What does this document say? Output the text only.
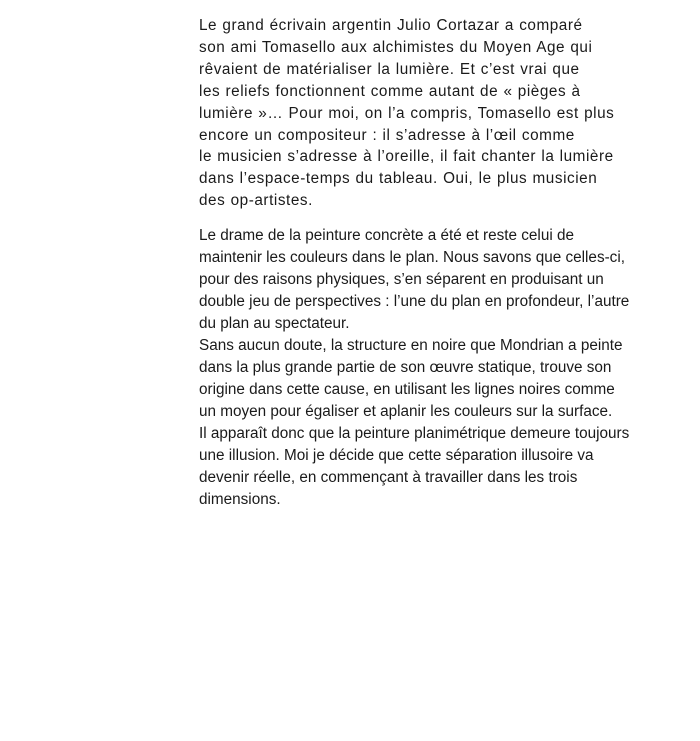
Le grand écrivain argentin Julio Cortazar a comparé
son ami Tomasello aux alchimistes du Moyen Age qui
rêvaient de matérialiser la lumière. Et c’est vrai que
les reliefs fonctionnent comme autant de « pièges à
lumière »… Pour moi, on l’a compris, Tomasello est plus
encore un compositeur : il s’adresse à l’œil comme
le musicien s’adresse à l’oreille, il fait chanter la lumière
dans l’espace-temps du tableau. Oui, le plus musicien
des op-artistes.

Le drame de la peinture concrète a été et reste celui de
maintenir les couleurs dans le plan. Nous savons que celles-ci,
pour des raisons physiques, s’en séparent en produisant un
double jeu de perspectives : l’une du plan en profondeur, l’autre
du plan au spectateur.

Sans aucun doute, la structure en noire que Mondrian a peinte
dans la plus grande partie de son œuvre statique, trouve son
origine dans cette cause, en utilisant les lignes noires comme
un moyen pour égaliser et aplanir les couleurs sur la surface.

Il apparaît donc que la peinture planimétrique demeure toujours
une illusion. Moi je décide que cette séparation illusoire va
devenir réelle, en commençant à travailler dans les trois
dimensions.
